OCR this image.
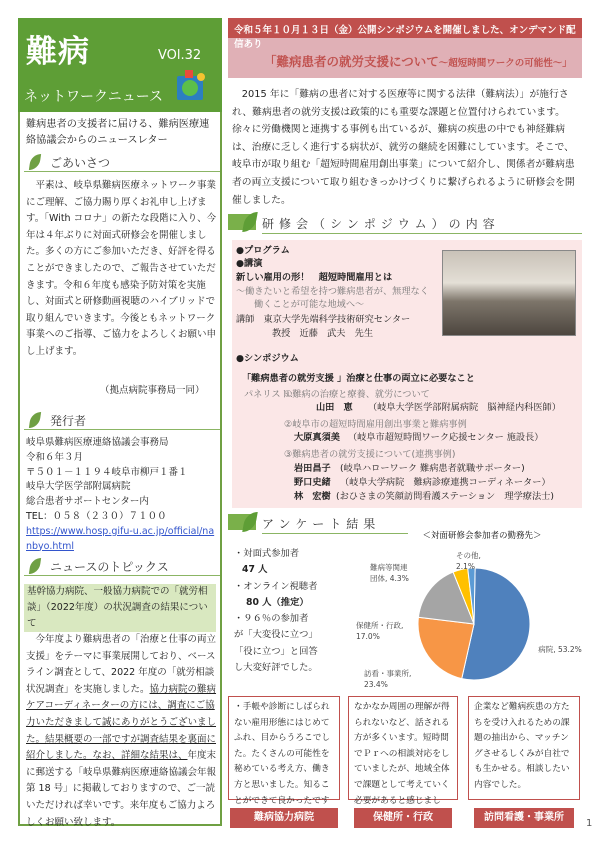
難病	VOl.32
ネットワークニュース
難病患者の支援者に届ける、難病医療連絡協議会からのニュースレター
ごあいさつ
平素は、岐阜県難病医療ネットワーク事業にご理解、ご協力賜り厚くお礼申し上げます。「With コロナ」の新たな段階に入り、今年は４年ぶりに対面式研修会を開催しました。多くの方にご参加いただき、好評を得ることができましたので、ご報告させていただきます。令和６年度も感染予防対策を実施し、対面式と研修動画視聴のハイブリッドで取り組んでいきます。今後ともネットワーク事業へのご指導、ご協力をよろしくお願い申し上げます。
（拠点病院事務局一同）
発行者
岐阜県難病医療連絡協議会事務局
令和６年３月
〒５０１－１１９４岐阜市柳戸１番１
岐阜大学医学部附属病院
総合患者サポートセンター内
TEL：０５８（２３０）７１００
https://www.hosp.gifu-u.ac.jp/official/nanbyo.html
ニュースのトピックス
基幹協力病院、一般協力病院での「就労相談」（2022年度）の状況調査の結果について
今年度より難病患者の「治療と仕事の両立支援」をテーマに事業展開しており、ベースライン調査として、2022 年度の「就労相談状況調査」を実施しました。協力病院の難病ケアコーディネーターの方には、調査にご協力いただきまして誠にありがとうございました。結果概要の一部ですが調査結果を裏面に紹介しました。なお、詳細な結果は、年度末に郵送する「岐阜県難病医療連絡協議会年報第 18 号」に掲載しておりますので、ご一読いただければ幸いです。来年度もご協力よろしくお願い致します。
令和５年１０月１３日（金）公開シンポジウムを開催しました、オンデマンド配信あり
「難病患者の就労支援について～超短時間ワークの可能性～」
2015 年に「難病の患者に対する医療等に関する法律（難病法）」が施行され、難病患者の就労支援は政策的にも重要な課題と位置付けられています。徐々に労働機関と連携する事例も出ているが、難病の疾患の中でも神経難病は、治療に乏しく進行する病状が、就労の継続を困難にしています。そこで、岐阜市が取り組む「超短時間雇用創出事業」について紹介し、関係者が難病患者の両立支援について取り組むきっかけづくりに繋げられるように研修会を開催しました。
研修会（シンポジウム）の内容
●プログラム
●講演
新しい雇用の形！　超短時間雇用とは
～働きたいと希望を持つ難病患者が、無理なく
働くことが可能な地域へ～
講師　東京大学先端科学技術研究センター
教授　近藤　武夫　先生
●シンポジウム
「難病患者の就労支援 」治療と仕事の両立に必要なこと
パネリスト:
①難病の治療と療養、就労について
山田　恵 （岐阜大学医学部附属病院　脳神経内科医師）
②岐阜市の超短時間雇用創出事業と難病事例
大原真須美 （岐阜市超短時間ワーク応援センター 施設長）
③難病患者の就労支援について(連携事例)
岩田昌子 (岐阜ハローワーク 難病患者就職サポーター)
野口史緒 （岐阜大学病院　難病診療連携コーディネーター）
林　宏樹 (おひさまの笑顔訪問看護ステーション　理学療法士)
アンケート結果
・対面式参加者
47 人
・オンライン視聴者
80 人（推定）
・９６％の参加者
が「大変役に立つ」
「役に立つ」と回答
し大変好評でした。
＜対面研修会参加者の勤務先＞
病院, 53.2%
訪看・事業所,
23.4%
保健所・行政,
17.0%
難病等関連
団体, 4.3%
その他,
2.1%
・手帳や診断にしばられない雇用形態にはじめてふれ、目からうろこでした。たくさんの可能性を秘めている考え方、働き方と思いました。知ることができて良かったです
難病協力病院
なかなか周囲の理解が得られないなど、話される方が多くいます。短時間でＰｒへの相談対応をしていましたが、地域全体で課題として考えていく必要があると感じまし
保健所・行政
企業など難病疾患の方たちを受け入れるための課題の抽出から、マッチングさせるしくみが自社でも生かせる。相談したい内容でした。
訪問看護・事業所
1
